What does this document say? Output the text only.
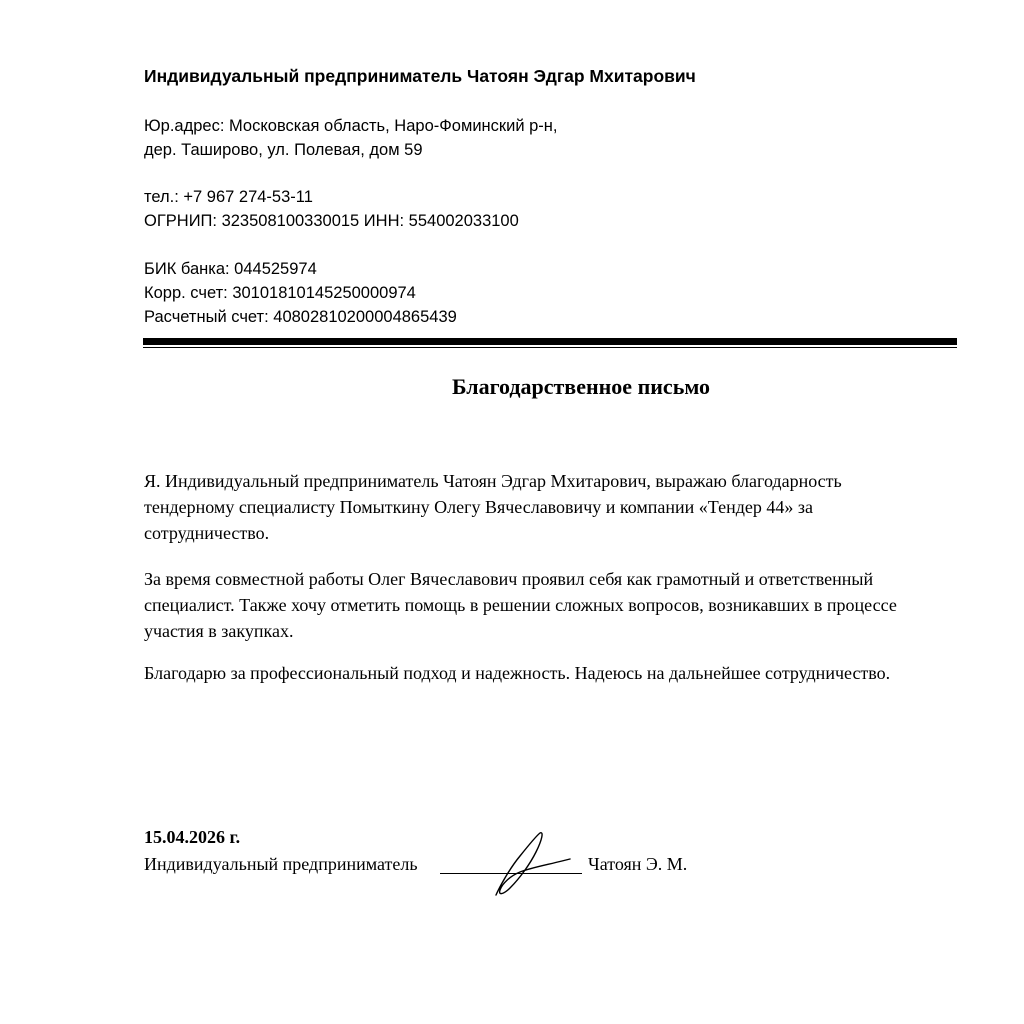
Индивидуальный предприниматель Чатоян Эдгар Мхитарович
Юр.адрес: Московская область, Наро-Фоминский р-н,
дер. Таширово, ул. Полевая, дом 59
тел.: +7 967 274-53-11
ОГРНИП: 323508100330015 ИНН: 554002033100
БИК банка: 044525974
Корр. счет: 30101810145250000974
Расчетный счет: 40802810200004865439
Благодарственное письмо
Я. Индивидуальный предприниматель Чатоян Эдгар Мхитарович, выражаю благодарность
тендерному специалисту Помыткину Олегу Вячеславовичу и компании «Тендер 44» за
сотрудничество.
За время совместной работы Олег Вячеславович проявил себя как грамотный и ответственный
специалист. Также хочу отметить помощь в решении сложных вопросов, возникавших в процессе
участия в закупках.
Благодарю за профессиональный подход и надежность. Надеюсь на дальнейшее сотрудничество.
15.04.2026 г.
Индивидуальный предприниматель	Чатоян Э. М.
